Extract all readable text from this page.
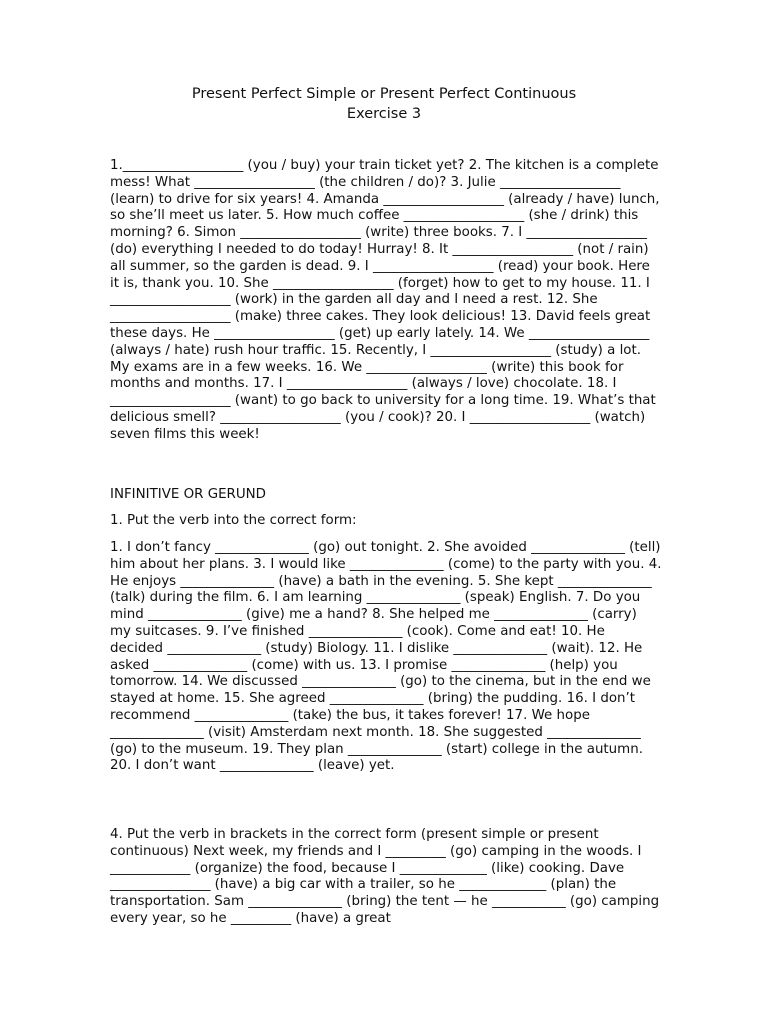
Present Perfect Simple or Present Perfect Continuous
Exercise 3

1.__________________ (you / buy) your train ticket yet? 2. The kitchen is a complete mess! What __________________ (the children / do)? 3. Julie __________________ (learn) to drive for six years! 4. Amanda __________________ (already / have) lunch, so she’ll meet us later. 5. How much coffee __________________ (she / drink) this morning? 6. Simon __________________ (write) three books. 7. I __________________ (do) everything I needed to do today! Hurray! 8. It __________________ (not / rain) all summer, so the garden is dead. 9. I __________________ (read) your book. Here it is, thank you. 10. She __________________ (forget) how to get to my house. 11. I __________________ (work) in the garden all day and I need a rest. 12. She __________________ (make) three cakes. They look delicious! 13. David feels great these days. He __________________ (get) up early lately. 14. We __________________ (always / hate) rush hour traffic. 15. Recently, I __________________ (study) a lot. My exams are in a few weeks. 16. We __________________ (write) this book for months and months. 17. I __________________ (always / love) chocolate. 18. I __________________ (want) to go back to university for a long time. 19. What’s that delicious smell? __________________ (you / cook)? 20. I __________________ (watch) seven films this week!

INFINITIVE OR GERUND

1. Put the verb into the correct form:

1. I don’t fancy ______________ (go) out tonight. 2. She avoided ______________ (tell) him about her plans. 3. I would like ______________ (come) to the party with you. 4. He enjoys ______________ (have) a bath in the evening. 5. She kept ______________ (talk) during the film. 6. I am learning ______________ (speak) English. 7. Do you mind ______________ (give) me a hand? 8. She helped me ______________ (carry) my suitcases. 9. I’ve finished ______________ (cook). Come and eat! 10. He decided ______________ (study) Biology. 11. I dislike ______________ (wait). 12. He asked ______________ (come) with us. 13. I promise ______________ (help) you tomorrow. 14. We discussed ______________ (go) to the cinema, but in the end we stayed at home. 15. She agreed ______________ (bring) the pudding. 16. I don’t recommend ______________ (take) the bus, it takes forever! 17. We hope ______________ (visit) Amsterdam next month. 18. She suggested ______________ (go) to the museum. 19. They plan ______________ (start) college in the autumn. 20. I don’t want ______________ (leave) yet.

4. Put the verb in brackets in the correct form (present simple or present continuous) Next week, my friends and I _________ (go) camping in the woods. I ____________ (organize) the food, because I _____________ (like) cooking. Dave _______________ (have) a big car with a trailer, so he _____________ (plan) the transportation. Sam ______________ (bring) the tent — he ___________ (go) camping every year, so he _________ (have) a great
